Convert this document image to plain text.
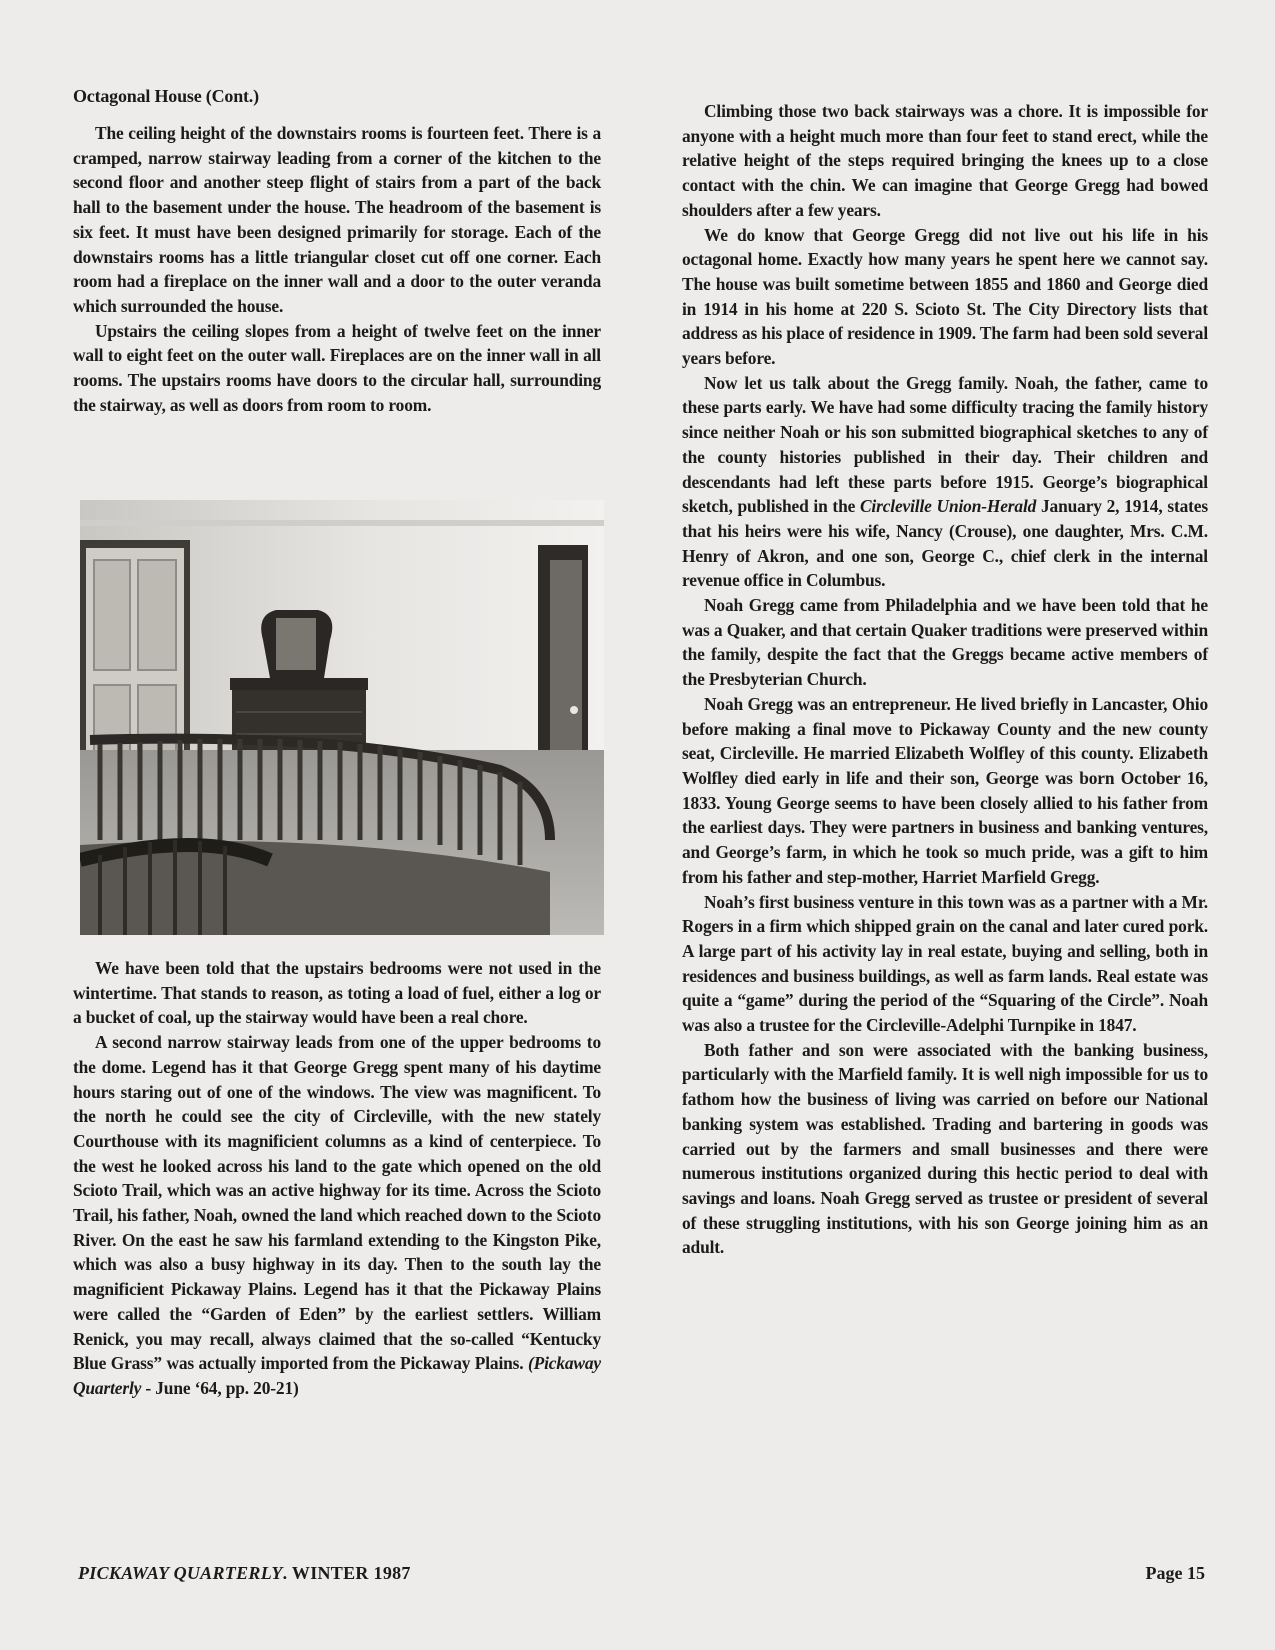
Octagonal House (Cont.)

The ceiling height of the downstairs rooms is fourteen feet. There is a cramped, narrow stairway leading from a corner of the kitchen to the second floor and another steep flight of stairs from a part of the back hall to the basement under the house. The headroom of the basement is six feet. It must have been designed primarily for storage. Each of the downstairs rooms has a little triangular closet cut off one corner. Each room had a fireplace on the inner wall and a door to the outer veranda which surrounded the house.

Upstairs the ceiling slopes from a height of twelve feet on the inner wall to eight feet on the outer wall. Fireplaces are on the inner wall in all rooms. The upstairs rooms have doors to the circular hall, surrounding the stairway, as well as doors from room to room.

We have been told that the upstairs bedrooms were not used in the wintertime. That stands to reason, as toting a load of fuel, either a log or a bucket of coal, up the stairway would have been a real chore.

A second narrow stairway leads from one of the upper bedrooms to the dome. Legend has it that George Gregg spent many of his daytime hours staring out of one of the windows. The view was magnificent. To the north he could see the city of Circleville, with the new stately Courthouse with its magnificient columns as a kind of centerpiece. To the west he looked across his land to the gate which opened on the old Scioto Trail, which was an active highway for its time. Across the Scioto Trail, his father, Noah, owned the land which reached down to the Scioto River. On the east he saw his farmland extending to the Kingston Pike, which was also a busy highway in its day. Then to the south lay the magnificient Pickaway Plains. Legend has it that the Pickaway Plains were called the “Garden of Eden” by the earliest settlers. William Renick, you may recall, always claimed that the so-called “Kentucky Blue Grass” was actually imported from the Pickaway Plains. (Pickaway Quarterly - June ‘64, pp. 20-21)

Climbing those two back stairways was a chore. It is impossible for anyone with a height much more than four feet to stand erect, while the relative height of the steps required bringing the knees up to a close contact with the chin. We can imagine that George Gregg had bowed shoulders after a few years.

We do know that George Gregg did not live out his life in his octagonal home. Exactly how many years he spent here we cannot say. The house was built sometime between 1855 and 1860 and George died in 1914 in his home at 220 S. Scioto St. The City Directory lists that address as his place of residence in 1909. The farm had been sold several years before.

Now let us talk about the Gregg family. Noah, the father, came to these parts early. We have had some difficulty tracing the family history since neither Noah or his son submitted biographical sketches to any of the county histories published in their day. Their children and descendants had left these parts before 1915. George’s biographical sketch, published in the Circleville Union-Herald January 2, 1914, states that his heirs were his wife, Nancy (Crouse), one daughter, Mrs. C.M. Henry of Akron, and one son, George C., chief clerk in the internal revenue office in Columbus.

Noah Gregg came from Philadelphia and we have been told that he was a Quaker, and that certain Quaker traditions were preserved within the family, despite the fact that the Greggs became active members of the Presbyterian Church.

Noah Gregg was an entrepreneur. He lived briefly in Lancaster, Ohio before making a final move to Pickaway County and the new county seat, Circleville. He married Elizabeth Wolfley of this county. Elizabeth Wolfley died early in life and their son, George was born October 16, 1833. Young George seems to have been closely allied to his father from the earliest days. They were partners in business and banking ventures, and George’s farm, in which he took so much pride, was a gift to him from his father and step-mother, Harriet Marfield Gregg.

Noah’s first business venture in this town was as a partner with a Mr. Rogers in a firm which shipped grain on the canal and later cured pork. A large part of his activity lay in real estate, buying and selling, both in residences and business buildings, as well as farm lands. Real estate was quite a “game” during the period of the “Squaring of the Circle”. Noah was also a trustee for the Circleville-Adelphi Turnpike in 1847.

Both father and son were associated with the banking business, particularly with the Marfield family. It is well nigh impossible for us to fathom how the business of living was carried on before our National banking system was established. Trading and bartering in goods was carried out by the farmers and small businesses and there were numerous institutions organized during this hectic period to deal with savings and loans. Noah Gregg served as trustee or president of several of these struggling institutions, with his son George joining him as an adult.

PICKAWAY QUARTERLY. WINTER 1987	Page 15
